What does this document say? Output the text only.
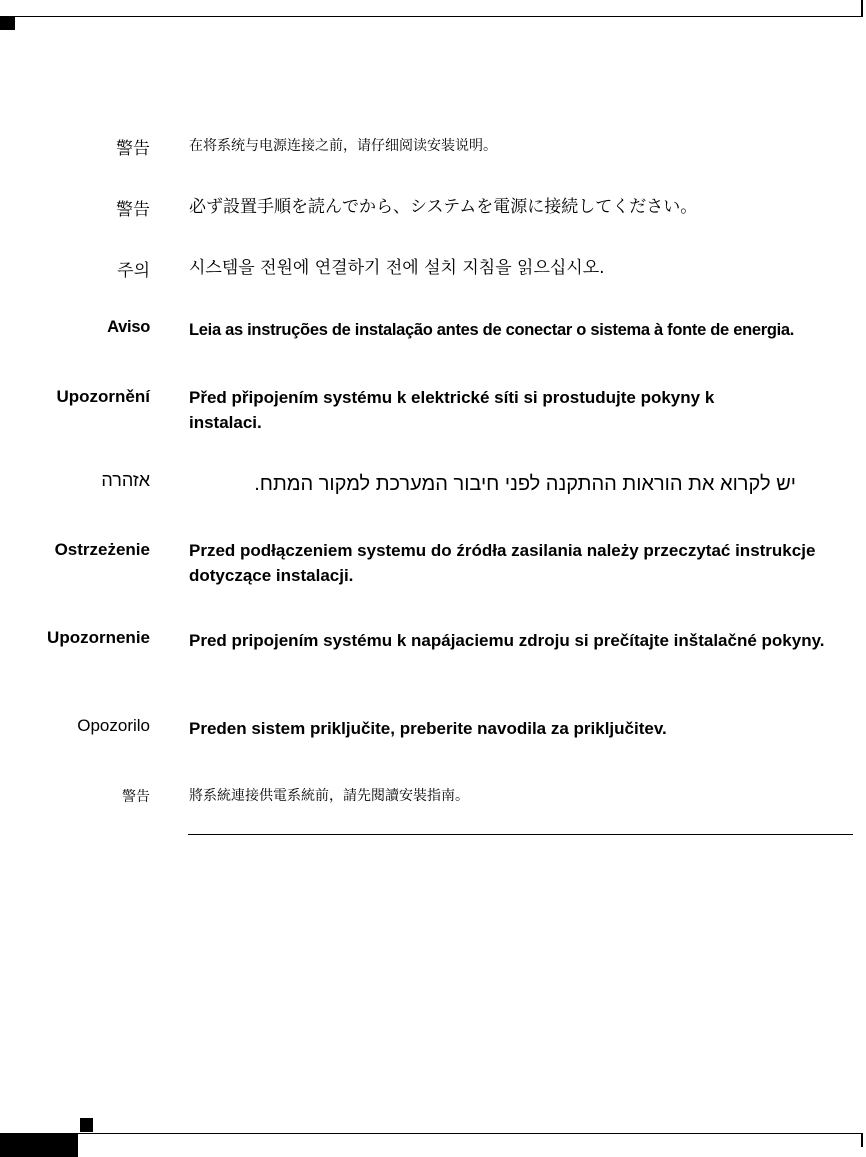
警告	在将系统与电源连接之前，请仔细阅读安装说明。
警告 必ず設置手順を読んでから、システムを電源に接続してください。
주의 시스템을 전원에 연결하기 전에 설치 지침을 읽으십시오.
Aviso Leia as instruções de instalação antes de conectar o sistema à fonte de energia.
Upozornění Před připojením systému k elektrické síti si prostudujte pokyny k instalaci.
אזהרה	יש לקרוא את הוראות ההתקנה לפני חיבור המערכת למקור המתח.
Ostrzeżenie Przed podłączeniem systemu do źródła zasilania należy przeczytać instrukcje dotyczące instalacji.
Upozornenie Pred pripojením systému k napájaciemu zdroju si prečítajte inštalačné pokyny.
Opozorilo Preden sistem priključite, preberite navodila za priključitev.
警告	將系統連接供電系統前，請先閱讀安裝指南。
